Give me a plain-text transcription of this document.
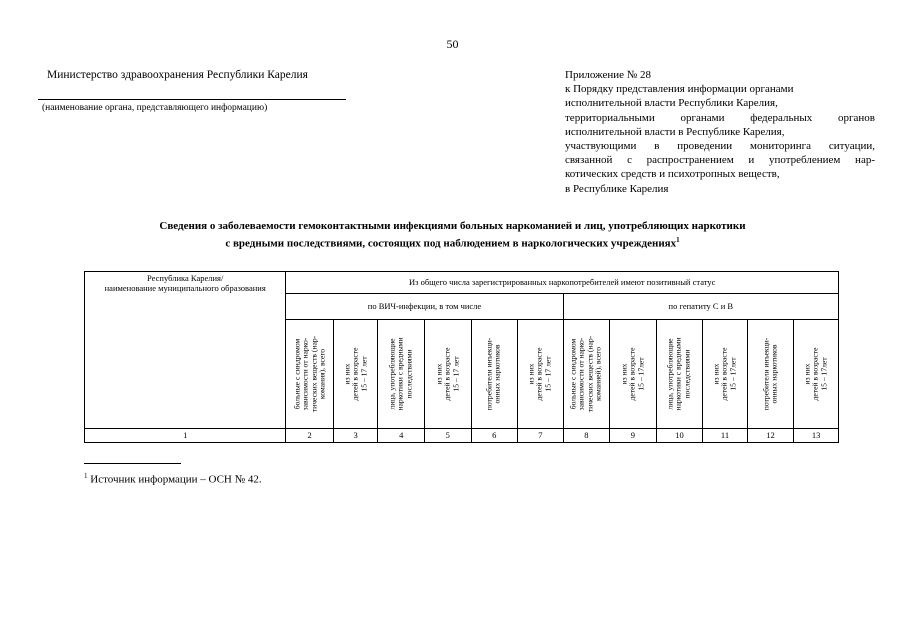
50
Министерство здравоохранения Республики Карелия
(наименование органа, представляющего информацию)
Приложение № 28
к Порядку представления информации органами
исполнительной власти Республики Карелия,
территориальными органами федеральных органов
исполнительной власти в Республике Карелия,
участвующими в проведении мониторинга ситуации,
связанной с распространением и употреблением нар-
котических средств и психотропных веществ,
в Республике Карелия
Сведения о заболеваемости гемоконтактными инфекциями больных наркоманией и лиц, употребляющих наркотики
с вредными последствиями, состоящих под наблюдением в наркологических учреждениях$^1$
Республика Карелия/
наименование муниципального образования	Из общего числа зарегистрированных наркопотребителей имеют позитивный статус											
	по ВИЧ-инфекции, в том числе						по гепатиту С и В					

	больные с синдромом
зависимости от нарко-
тических веществ (нар-
комания), всего	из них
детей в возрасте
15 – 17 лет	лица, употребляющие
наркотики с вредными
последствиями	из них
детей в возрасте
15 – 17 лет	потребители инъекци-
онных наркотиков	из них
детей в возрасте
15 – 17 лет	больные с синдромом
зависимости от нарко-
тических веществ (нар-
команией), всего	из них
детей в возрасте
15 – 17лет	лица, употребляющие
наркотики с вредными
последствиями	из них
детей в возрасте
15 – 17лет	потребители инъекци-
онных наркотиков	из них
детей в возрасте
15 – 17лет

1	2	3	4	5	6	7	8	9	10	11	12	13
$^1$ Источник информации – ОСН № 42.
